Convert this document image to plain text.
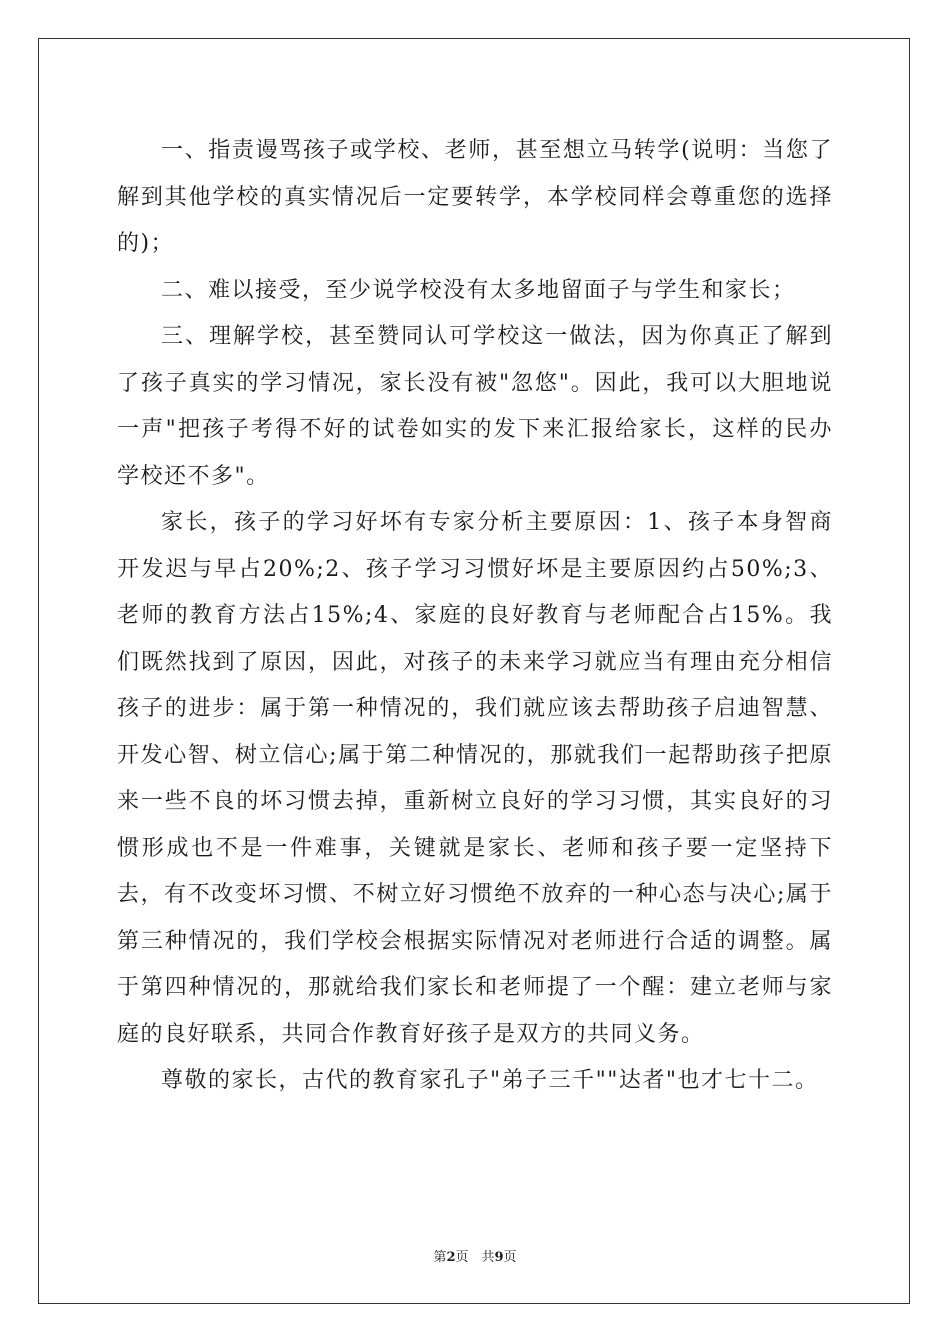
一、指责谩骂孩子或学校、老师，甚至想立马转学(说明：当您了解到其他学校的真实情况后一定要转学，本学校同样会尊重您的选择的)；

二、难以接受，至少说学校没有太多地留面子与学生和家长；

三、理解学校，甚至赞同认可学校这一做法，因为你真正了解到了孩子真实的学习情况，家长没有被"忽悠"。因此，我可以大胆地说一声"把孩子考得不好的试卷如实的发下来汇报给家长，这样的民办学校还不多"。

家长，孩子的学习好坏有专家分析主要原因：1、孩子本身智商开发迟与早占20%;2、孩子学习习惯好坏是主要原因约占50%;3、老师的教育方法占15%;4、家庭的良好教育与老师配合占15%。我们既然找到了原因，因此，对孩子的未来学习就应当有理由充分相信孩子的进步：属于第一种情况的，我们就应该去帮助孩子启迪智慧、开发心智、树立信心;属于第二种情况的，那就我们一起帮助孩子把原来一些不良的坏习惯去掉，重新树立良好的学习习惯，其实良好的习惯形成也不是一件难事，关键就是家长、老师和孩子要一定坚持下去，有不改变坏习惯、不树立好习惯绝不放弃的一种心态与决心;属于第三种情况的，我们学校会根据实际情况对老师进行合适的调整。属于第四种情况的，那就给我们家长和老师提了一个醒：建立老师与家庭的良好联系，共同合作教育好孩子是双方的共同义务。

尊敬的家长，古代的教育家孔子"弟子三千""达者"也才七十二。

第2页　共9页
